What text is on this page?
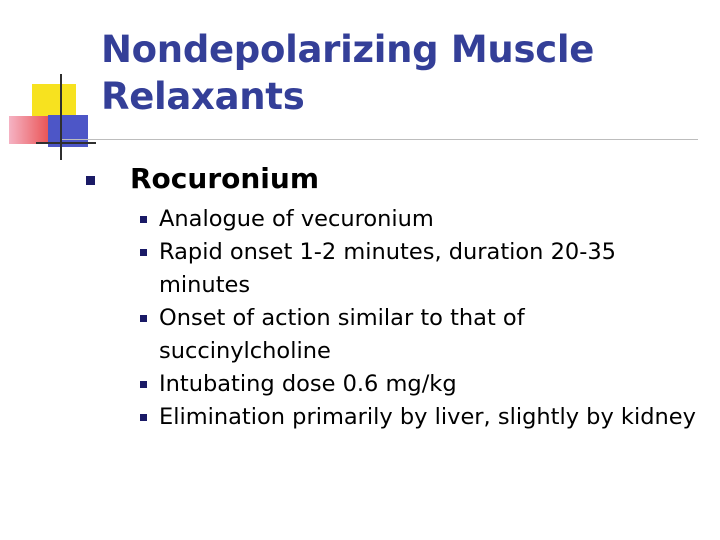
Nondepolarizing Muscle Relaxants
Rocuronium
Analogue of vecuronium
Rapid onset 1-2 minutes, duration 20-35 minutes
Onset of action similar to that of succinylcholine
Intubating dose 0.6 mg/kg
Elimination primarily by liver, slightly by kidney
